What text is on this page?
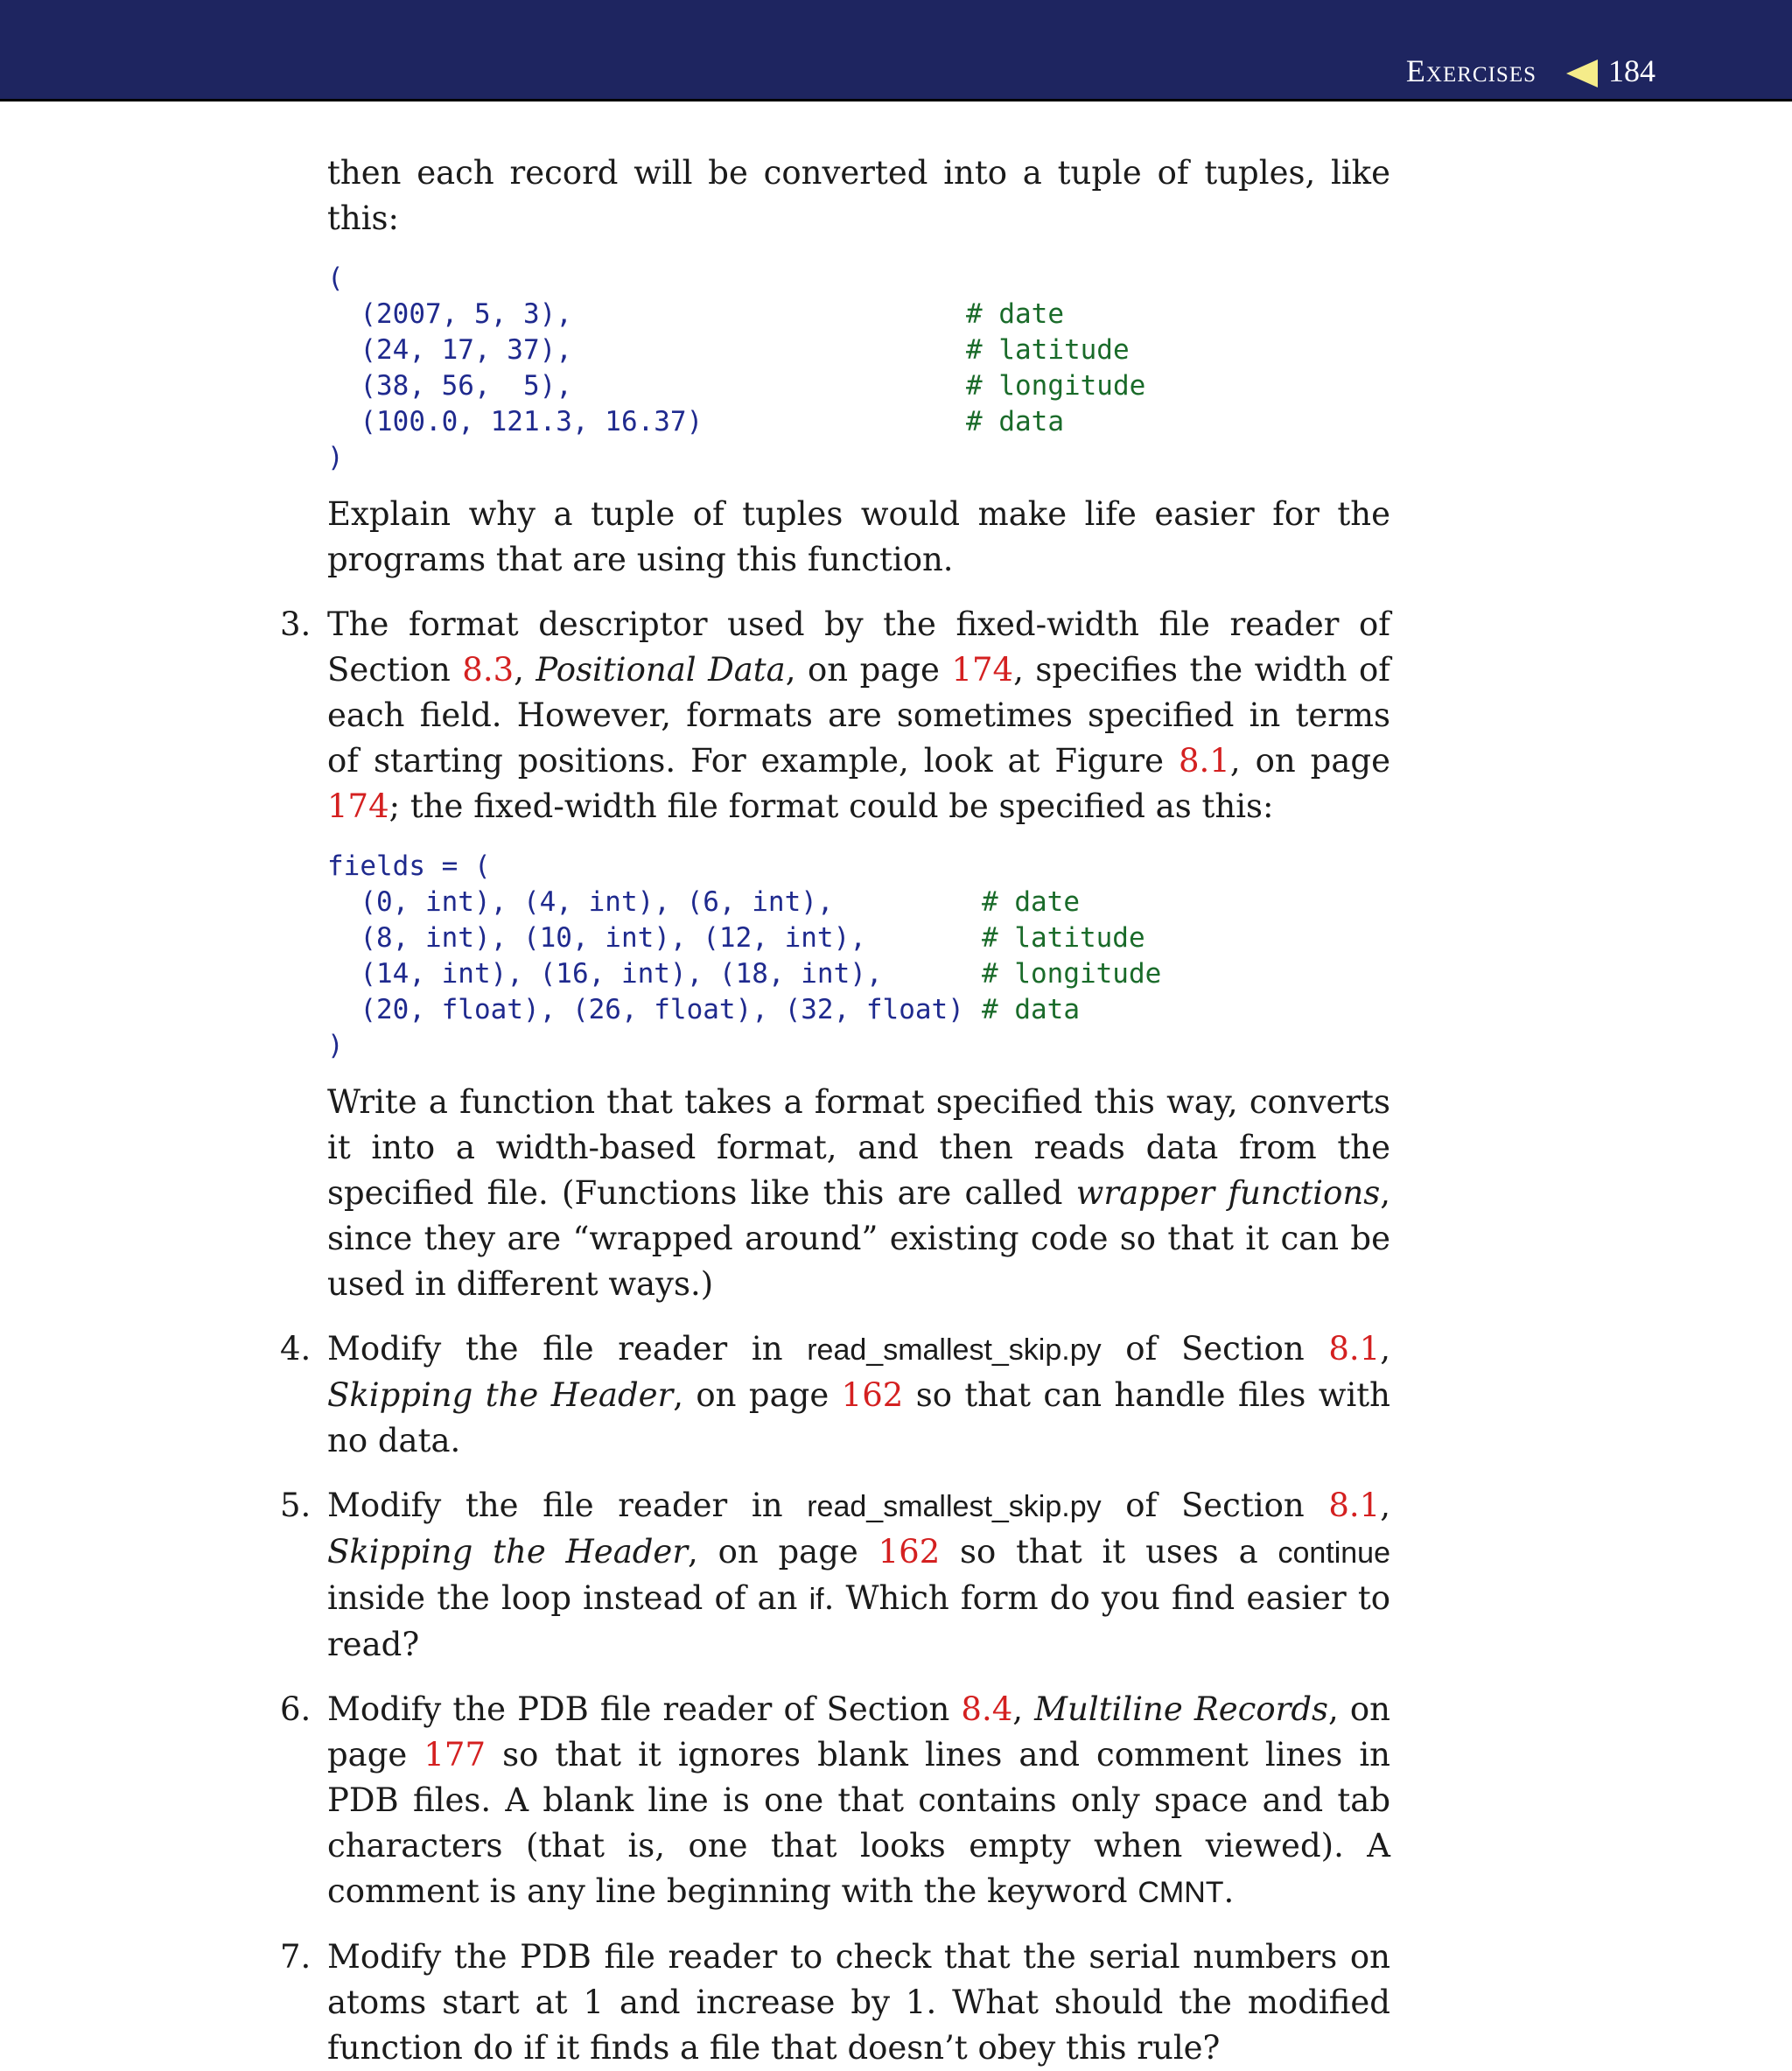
Exercises 184

then each record will be converted into a tuple of tuples, like this:

(
(2007, 5, 3),	# date
(24, 17, 37),	# latitude
(38, 56,  5),	# longitude
(100.0, 121.3, 16.37)	# data
)

Explain why a tuple of tuples would make life easier for the programs that are using this function.

3. The format descriptor used by the fixed-width file reader of Section 8.3, Positional Data, on page 174, specifies the width of each field. However, formats are sometimes specified in terms of starting positions. For example, look at Figure 8.1, on page 174; the fixed-width file format could be specified as this:

fields = (
(0, int), (4, int), (6, int),	# date
(8, int), (10, int), (12, int),	# latitude
(14, int), (16, int), (18, int),	# longitude
(20, float), (26, float), (32, float) # data
)

Write a function that takes a format specified this way, converts it into a width-based format, and then reads data from the specified file. (Functions like this are called wrapper functions, since they are “wrapped around” existing code so that it can be used in different ways.)

4. Modify the file reader in read_smallest_skip.py of Section 8.1, Skipping the Header, on page 162 so that can handle files with no data.

5. Modify the file reader in read_smallest_skip.py of Section 8.1, Skipping the Header, on page 162 so that it uses a continue inside the loop instead of an if. Which form do you find easier to read?

6. Modify the PDB file reader of Section 8.4, Multiline Records, on page 177 so that it ignores blank lines and comment lines in PDB files. A blank line is one that contains only space and tab characters (that is, one that looks empty when viewed). A comment is any line beginning with the keyword CMNT.

7. Modify the PDB file reader to check that the serial numbers on atoms start at 1 and increase by 1. What should the modified function do if it finds a file that doesn’t obey this rule?
